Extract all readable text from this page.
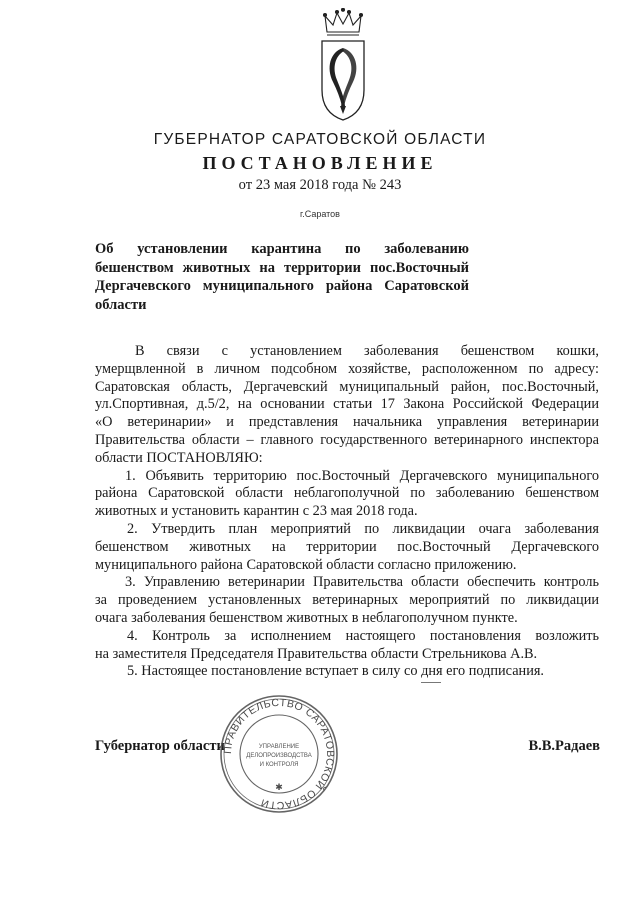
ГУБЕРНАТОР САРАТОВСКОЙ ОБЛАСТИ
ПОСТАНОВЛЕНИЕ
от 23 мая 2018 года № 243
г.Саратов
Об установлении карантина по заболеванию
бешенством животных на территории пос.Восточный
Дергачевского муниципального района Саратовской
области
В связи с установлением заболевания бешенством кошки,
умерщвленной в личном подсобном хозяйстве, расположенном по адресу:
Саратовская область, Дергачевский муниципальный район, пос.Восточный,
ул.Спортивная, д.5/2, на основании статьи 17 Закона Российской Федерации
«О ветеринарии» и представления начальника управления ветеринарии
Правительства области – главного государственного ветеринарного инспектора
области ПОСТАНОВЛЯЮ:
1. Объявить территорию пос.Восточный Дергачевского муниципального
района Саратовской области неблагополучной по заболеванию бешенством
животных и установить карантин с 23 мая 2018 года.
2. Утвердить план мероприятий по ликвидации очага заболевания
бешенством животных на территории пос.Восточный Дергачевского
муниципального района Саратовской области согласно приложению.
3. Управлению ветеринарии Правительства области обеспечить контроль
за проведением установленных ветеринарных мероприятий по ликвидации
очага заболевания бешенством животных в неблагополучном пункте.
4. Контроль за исполнением настоящего постановления возложить
на заместителя Председателя Правительства области Стрельникова А.В.
5. Настоящее постановление вступает в силу со дня его подписания.
Губернатор области	В.В.Радаев
ПРАВИТЕЛЬСТВО САРАТОВСКОЙ ОБЛАСТИ
УПРАВЛЕНИЕ
ДЕЛОПРОИЗВОДСТВА
И КОНТРОЛЯ
✱
